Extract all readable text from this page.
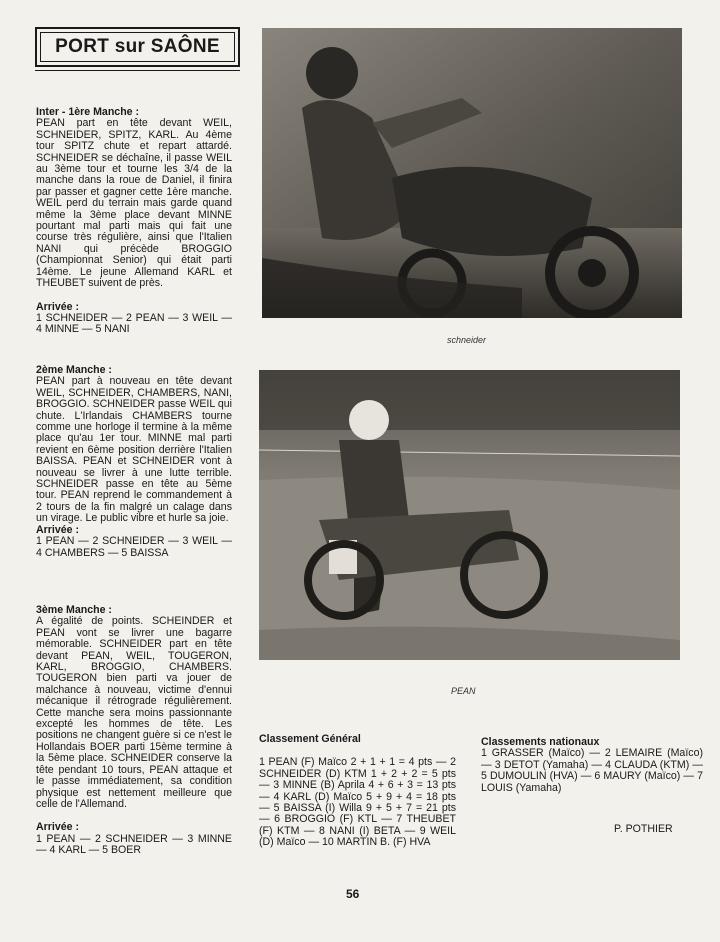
PORT sur SAÔNE

Inter - 1ère Manche :

PEAN part en tête devant WEIL, SCHNEIDER, SPITZ, KARL. Au 4ème tour SPITZ chute et repart attardé. SCHNEIDER se déchaîne, il passe WEIL au 3ème tour et tourne les 3/4 de la manche dans la roue de Daniel, il finira par passer et gagner cette 1ère manche. WEIL perd du terrain mais garde quand même la 3ème place devant MINNE pourtant mal parti mais qui fait une course très régulière, ainsi que l'Italien NANI qui précède BROGGIO (Championnat Senior) qui était parti 14ème. Le jeune Allemand KARL et THEUBET suivent de près.

Arrivée :

1 SCHNEIDER — 2 PEAN — 3 WEIL — 4 MINNE — 5 NANI

2ème Manche :

PEAN part à nouveau en tête devant WEIL, SCHNEIDER, CHAMBERS, NANI, BROGGIO. SCHNEIDER passe WEIL qui chute. L'Irlandais CHAMBERS tourne comme une horloge il termine à la même place qu'au 1er tour. MINNE mal parti revient en 6ème position derrière l'Italien BAISSA. PEAN et SCHNEIDER vont à nouveau se livrer à une lutte terrible. SCHNEIDER passe en tête au 5ème tour. PEAN reprend le commandement à 2 tours de la fin malgré un calage dans un virage. Le public vibre et hurle sa joie.

Arrivée :

1 PEAN — 2 SCHNEIDER — 3 WEIL — 4 CHAMBERS — 5 BAISSA

3ème Manche :

A égalité de points. SCHEINDER et PEAN vont se livrer une bagarre mémorable. SCHNEIDER part en tête devant PEAN, WEIL, TOUGERON, KARL, BROGGIO, CHAMBERS. TOUGERON bien parti va jouer de malchance à nouveau, victime d'ennui mécanique il rétrograde régulièrement. Cette manche sera moins passionnante excepté les hommes de tête. Les positions ne changent guère si ce n'est le Hollandais BOER parti 15ème termine à la 5ème place. SCHNEIDER conserve la tête pendant 10 tours, PEAN attaque et le passe immédiatement, sa condition physique est nettement meilleure que celle de l'Allemand.

Arrivée :

1 PEAN — 2 SCHNEIDER — 3 MINNE — 4 KARL — 5 BOER

schneider
PEAN

Classement Général

1 PEAN (F) Maïco 2 + 1 + 1 = 4 pts — 2 SCHNEIDER (D) KTM 1 + 2 + 2 = 5 pts — 3 MINNE (B) Aprila 4 + 6 + 3 = 13 pts — 4 KARL (D) Maïco 5 + 9 + 4 = 18 pts — 5 BAISSA (I) Willa 9 + 5 + 7 = 21 pts — 6 BROGGIO (F) KTL — 7 THEUBET (F) KTM — 8 NANI (I) BETA — 9 WEIL (D) Maïco — 10 MARTIN B. (F) HVA

Classements nationaux

1 GRASSER (Maïco) — 2 LEMAIRE (Maïco) — 3 DETOT (Yamaha) — 4 CLAUDA (KTM) — 5 DUMOULIN (HVA) — 6 MAURY (Maïco) — 7 LOUIS (Yamaha)

P. POTHIER
56
